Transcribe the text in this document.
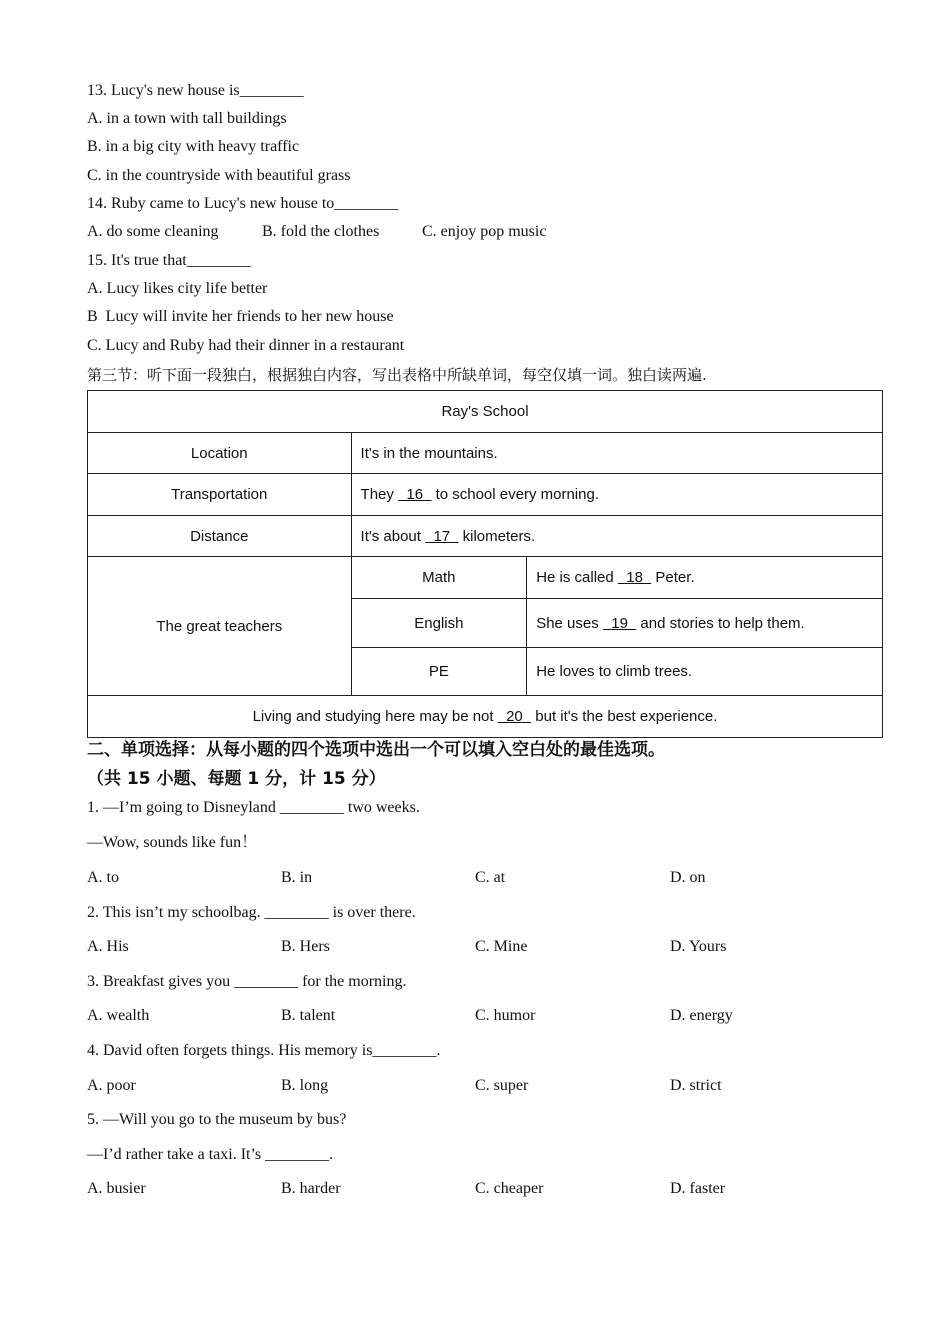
13. Lucy's new house is________
A. in a town with tall buildings
B. in a big city with heavy traffic
C. in the countryside with beautiful grass
14. Ruby came to Lucy's new house to________
A. do some cleaning	B. fold the clothes	C. enjoy pop music
15. It's true that________
A. Lucy likes city life better
B  Lucy will invite her friends to her new house
C. Lucy and Ruby had their dinner in a restaurant
第三节：听下面一段独白，根据独白内容，写出表格中所缺单词，每空仅填一词。独白读两遍.
Ray's School		
Location	It's in the mountains.	
Transportation	They   16   to school every morning.	
Distance	It's about   17   kilometers.	
The great teachers	Math	He is called   18   Peter.
	English	She uses   19   and stories to help them.
	PE	He loves to climb trees.
Living and studying here may be not   20   but it's the best experience.		
二、单项选择：从每小题的四个选项中选出一个可以填入空白处的最佳选项。
（共 15 小题、每题 1 分，计 15 分）
1. —I’m going to Disneyland ________ two weeks.
—Wow, sounds like fun！
A. to	B. in	C. at	D. on
2. This isn’t my schoolbag. ________ is over there.
A. His	B. Hers	C. Mine	D. Yours
3. Breakfast gives you ________ for the morning.
A. wealth	B. talent	C. humor	D. energy
4. David often forgets things. His memory is________.
A. poor	B. long	C. super	D. strict
5. —Will you go to the museum by bus?
—I’d rather take a taxi. It’s ________.
A. busier	B. harder	C. cheaper	D. faster
